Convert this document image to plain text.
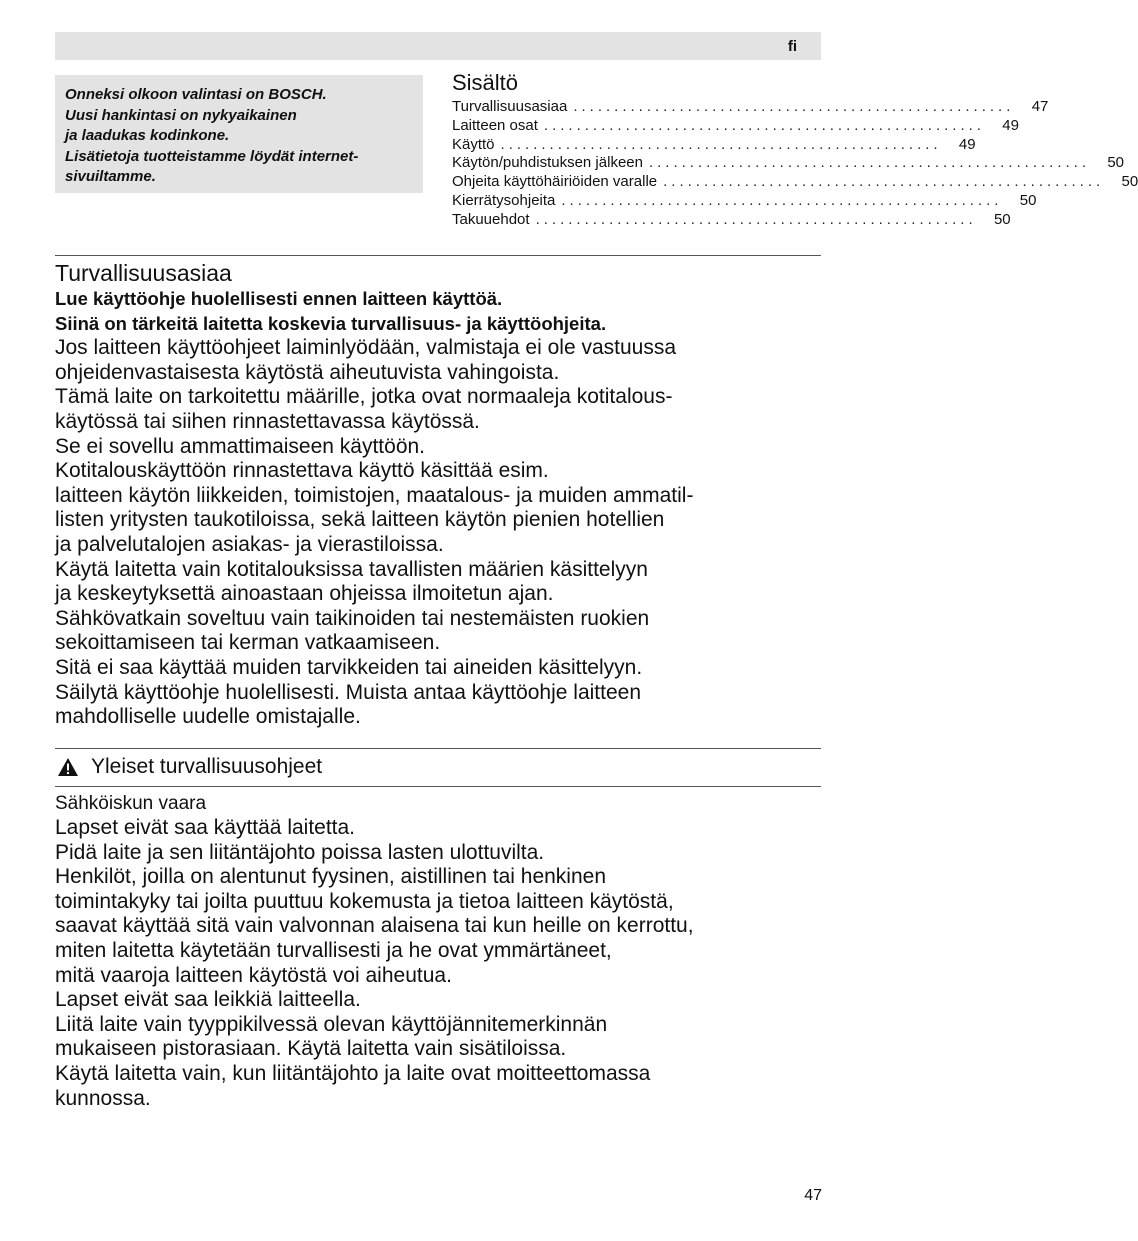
fi
Onneksi olkoon valintasi on BOSCH.
Uusi hankintasi on nykyaikainen
ja laadukas kodinkone.
Lisätietoja tuotteistamme löydät internet-
sivuiltamme.
Sisältö
Turvallisuusasiaa ......................................................	47
Laitteen osat ......................................................	49
Käyttö ......................................................	49
Käytön/puhdistuksen jälkeen ......................................................	50
Ohjeita käyttöhäiriöiden varalle ......................................................	50
Kierrätysohjeita ......................................................	50
Takuuehdot ......................................................	50
Turvallisuusasiaa
Lue käyttöohje huolellisesti ennen laitteen käyttöä.
Siinä on tärkeitä laitetta koskevia turvallisuus- ja käyttöohjeita.
Jos laitteen käyttöohjeet laiminlyödään, valmistaja ei ole vastuussa
ohjeidenvastaisesta käytöstä aiheutuvista vahingoista.
Tämä laite on tarkoitettu määrille, jotka ovat normaaleja kotitalous-
käytössä tai siihen rinnastettavassa käytössä.
Se ei sovellu ammattimaiseen käyttöön.
Kotitalouskäyttöön rinnastettava käyttö käsittää esim.
laitteen käytön liikkeiden, toimistojen, maatalous- ja muiden ammatil-
listen yritysten taukotiloissa, sekä laitteen käytön pienien hotellien
ja palvelutalojen asiakas- ja vierastiloissa.
Käytä laitetta vain kotitalouksissa tavallisten määrien käsittelyyn
ja keskeytyksettä ainoastaan ohjeissa ilmoitetun ajan.
Sähkövatkain soveltuu vain taikinoiden tai nestemäisten ruokien
sekoittamiseen tai kerman vatkaamiseen.
Sitä ei saa käyttää muiden tarvikkeiden tai aineiden käsittelyyn.
Säilytä käyttöohje huolellisesti. Muista antaa käyttöohje laitteen
mahdolliselle uudelle omistajalle.
Yleiset turvallisuusohjeet
Sähköiskun vaara
Lapset eivät saa käyttää laitetta.
Pidä laite ja sen liitäntäjohto poissa lasten ulottuvilta.
Henkilöt, joilla on alentunut fyysinen, aistillinen tai henkinen
toimintakyky tai joilta puuttuu kokemusta ja tietoa laitteen käytöstä,
saavat käyttää sitä vain valvonnan alaisena tai kun heille on kerrottu,
miten laitetta käytetään turvallisesti ja he ovat ymmärtäneet,
mitä vaaroja laitteen käytöstä voi aiheutua.
Lapset eivät saa leikkiä laitteella.
Liitä laite vain tyyppikilvessä olevan käyttöjännitemerkinnän
mukaiseen pistorasiaan. Käytä laitetta vain sisätiloissa.
Käytä laitetta vain, kun liitäntäjohto ja laite ovat moitteettomassa
kunnossa.
47
